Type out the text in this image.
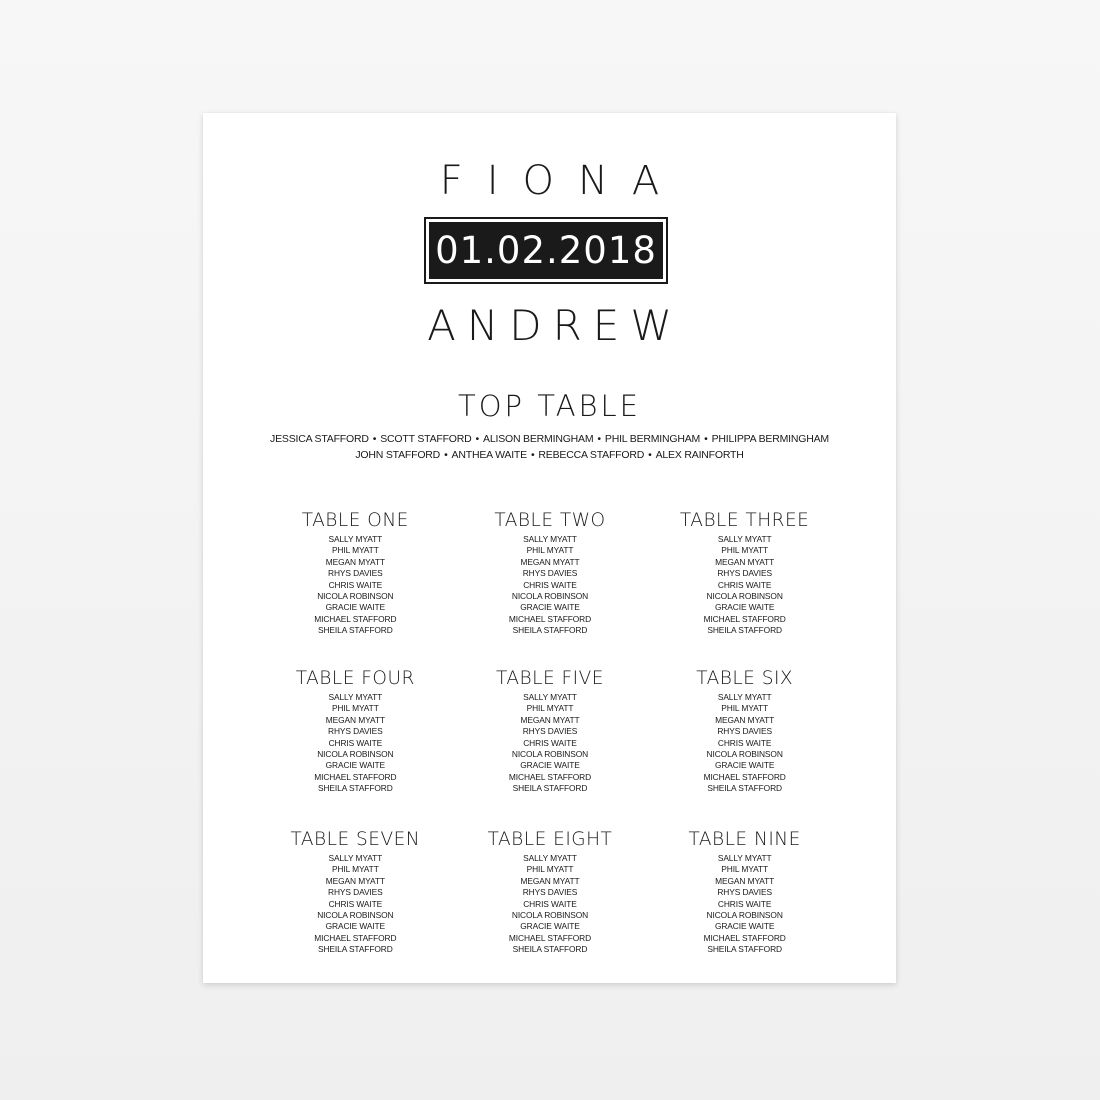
FIONA
01.02.2018
ANDREW
TOP TABLE
JESSICA STAFFORD • SCOTT STAFFORD • ALISON BERMINGHAM • PHIL BERMINGHAM • PHILIPPA BERMINGHAM
JOHN STAFFORD • ANTHEA WAITE • REBECCA STAFFORD • ALEX RAINFORTH
TABLE ONE
SALLY MYATT
PHIL MYATT
MEGAN MYATT
RHYS DAVIES
CHRIS WAITE
NICOLA ROBINSON
GRACIE WAITE
MICHAEL STAFFORD
SHEILA STAFFORD
TABLE TWO
SALLY MYATT
PHIL MYATT
MEGAN MYATT
RHYS DAVIES
CHRIS WAITE
NICOLA ROBINSON
GRACIE WAITE
MICHAEL STAFFORD
SHEILA STAFFORD
TABLE THREE
SALLY MYATT
PHIL MYATT
MEGAN MYATT
RHYS DAVIES
CHRIS WAITE
NICOLA ROBINSON
GRACIE WAITE
MICHAEL STAFFORD
SHEILA STAFFORD
TABLE FOUR
SALLY MYATT
PHIL MYATT
MEGAN MYATT
RHYS DAVIES
CHRIS WAITE
NICOLA ROBINSON
GRACIE WAITE
MICHAEL STAFFORD
SHEILA STAFFORD
TABLE FIVE
SALLY MYATT
PHIL MYATT
MEGAN MYATT
RHYS DAVIES
CHRIS WAITE
NICOLA ROBINSON
GRACIE WAITE
MICHAEL STAFFORD
SHEILA STAFFORD
TABLE SIX
SALLY MYATT
PHIL MYATT
MEGAN MYATT
RHYS DAVIES
CHRIS WAITE
NICOLA ROBINSON
GRACIE WAITE
MICHAEL STAFFORD
SHEILA STAFFORD
TABLE SEVEN
SALLY MYATT
PHIL MYATT
MEGAN MYATT
RHYS DAVIES
CHRIS WAITE
NICOLA ROBINSON
GRACIE WAITE
MICHAEL STAFFORD
SHEILA STAFFORD
TABLE EIGHT
SALLY MYATT
PHIL MYATT
MEGAN MYATT
RHYS DAVIES
CHRIS WAITE
NICOLA ROBINSON
GRACIE WAITE
MICHAEL STAFFORD
SHEILA STAFFORD
TABLE NINE
SALLY MYATT
PHIL MYATT
MEGAN MYATT
RHYS DAVIES
CHRIS WAITE
NICOLA ROBINSON
GRACIE WAITE
MICHAEL STAFFORD
SHEILA STAFFORD
